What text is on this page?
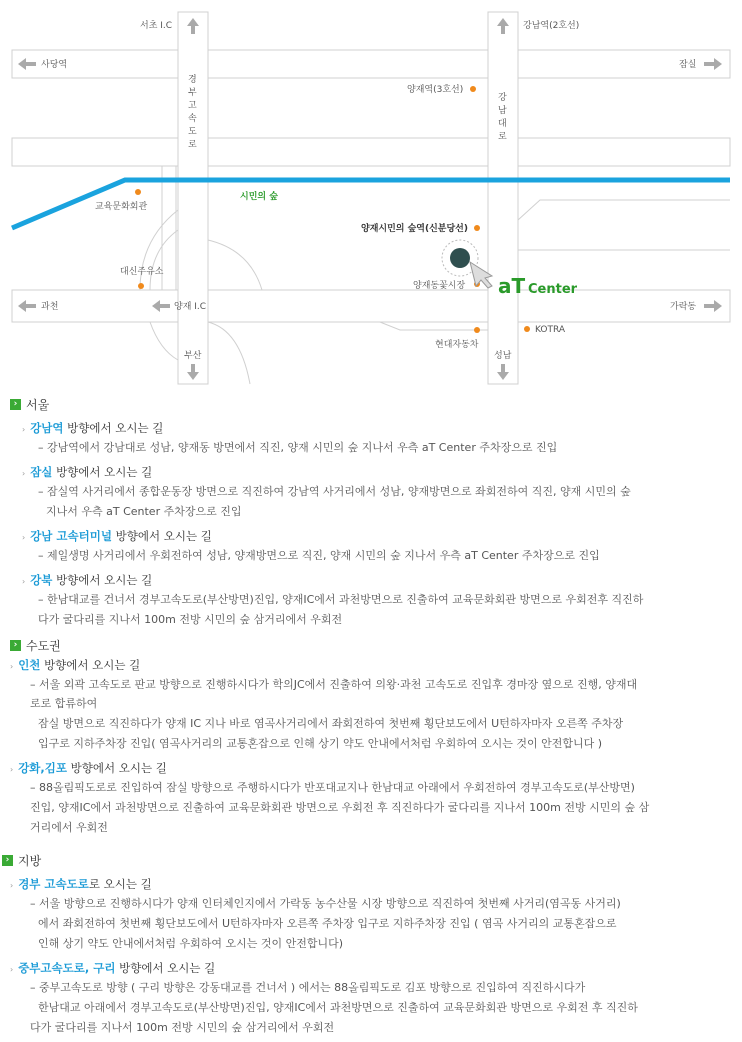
서초 I.C	강남역(2호선)
사당역	잠실
양재역(3호선)
경
부
고
속
도
로
강
남
대
로
시민의 숲
교육문화회관
양재시민의 숲역(신분당선)
대신주유소
양재동꽃시장 aT Center
과천	양재 I.C	가락동
부산
현대자동차
KOTRA
성남
› 서울
› 강남역 방향에서 오시는 길
– 강남역에서 강남대로 성남, 양재동 방면에서 직진, 양재 시민의 숲 지나서 우측 aT Center 주차장으로 진입
› 잠실 방향에서 오시는 길
– 잠실역 사거리에서 종합운동장 방면으로 직진하여 강남역 사거리에서 성남, 양재방면으로 좌회전하여 직진, 양재 시민의 숲
지나서 우측 aT Center 주차장으로 진입
› 강남 고속터미널 방향에서 오시는 길
– 제일생명 사거리에서 우회전하여 성남, 양재방면으로 직진, 양재 시민의 숲 지나서 우측 aT Center 주차장으로 진입
› 강북 방향에서 오시는 길
– 한남대교를 건너서 경부고속도로(부산방면)진입, 양재IC에서 과천방면으로 진출하여 교육문화회관 방면으로 우회전후 직진하
다가 굴다리를 지나서 100m 전방 시민의 숲 삼거리에서 우회전
› 수도권
› 인천 방향에서 오시는 길
– 서울 외곽 고속도로 판교 방향으로 진행하시다가 학의JC에서 진출하여 의왕·과천 고속도로 진입후 경마장 옆으로 진행, 양재대
로로 합류하여
잠실 방면으로 직진하다가 양재 IC 지나 바로 염곡사거리에서 좌회전하여 첫번째 횡단보도에서 U턴하자마자 오른쪽 주차장
입구로 지하주차장 진입( 염곡사거리의 교통혼잡으로 인해 상기 약도 안내에서처럼 우회하여 오시는 것이 안전합니다 )
› 강화,김포 방향에서 오시는 길
– 88올림픽도로로 진입하여 잠실 방향으로 주행하시다가 반포대교지나 한남대교 아래에서 우회전하여 경부고속도로(부산방면)
진입, 양재IC에서 과천방면으로 진출하여 교육문화회관 방면으로 우회전 후 직진하다가 굴다리를 지나서 100m 전방 시민의 숲 삼
거리에서 우회전
› 지방
› 경부 고속도로로 오시는 길
– 서울 방향으로 진행하시다가 양재 인터체인지에서 가락동 농수산물 시장 방향으로 직진하여 첫번째 사거리(염곡동 사거리)
에서 좌회전하여 첫번째 횡단보도에서 U턴하자마자 오른쪽 주차장 입구로 지하주차장 진입 ( 염곡 사거리의 교통혼잡으로
인해 상기 약도 안내에서처럼 우회하여 오시는 것이 안전합니다)
› 중부고속도로, 구리 방향에서 오시는 길
– 중부고속도로 방향 ( 구리 방향은 강동대교를 건너서 ) 에서는 88올림픽도로 김포 방향으로 진입하여 직진하시다가
한남대교 아래에서 경부고속도로(부산방면)진입, 양재IC에서 과천방면으로 진출하여 교육문화회관 방면으로 우회전 후 직진하
다가 굴다리를 지나서 100m 전방 시민의 숲 삼거리에서 우회전
